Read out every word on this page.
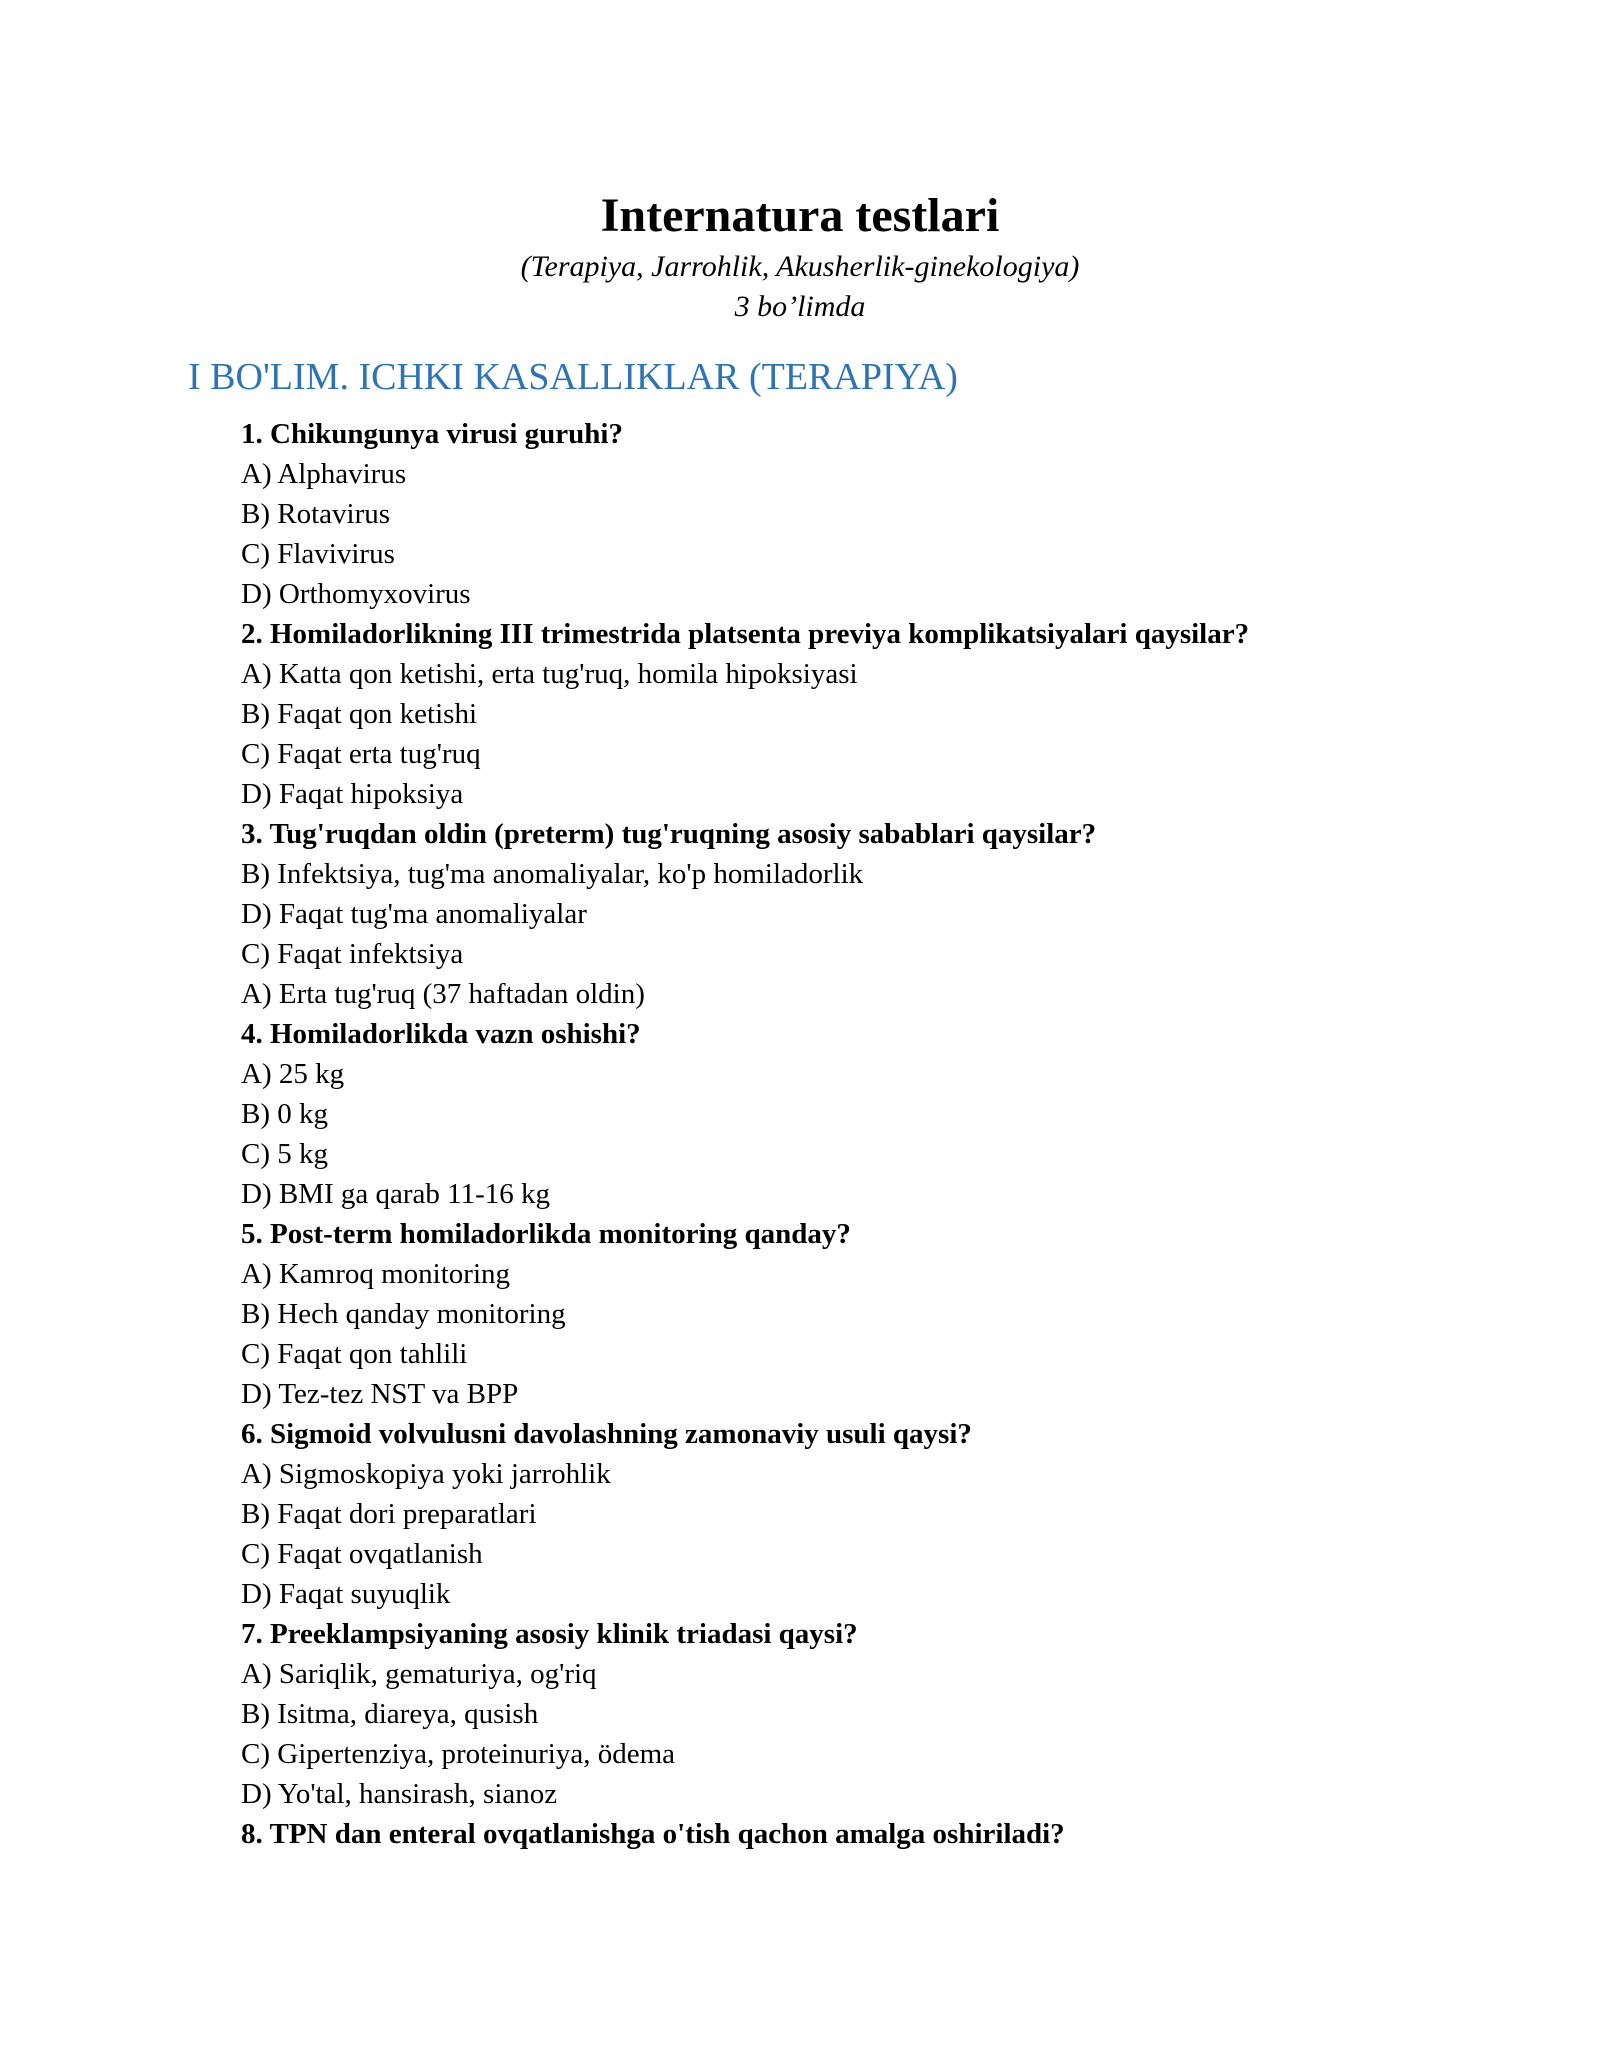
Internatura testlari
(Terapiya, Jarrohlik, Akusherlik-ginekologiya)
3 bo’limda
I BO'LIM. ICHKI KASALLIKLAR (TERAPIYA)
1. Chikungunya virusi guruhi?
A) Alphavirus
B) Rotavirus
C) Flavivirus
D) Orthomyxovirus
2. Homiladorlikning III trimestrida platsenta previya komplikatsiyalari qaysilar?
A) Katta qon ketishi, erta tug'ruq, homila hipoksiyasi
B) Faqat qon ketishi
C) Faqat erta tug'ruq
D) Faqat hipoksiya
3. Tug'ruqdan oldin (preterm) tug'ruqning asosiy sabablari qaysilar?
B) Infektsiya, tug'ma anomaliyalar, ko'p homiladorlik
D) Faqat tug'ma anomaliyalar
C) Faqat infektsiya
A) Erta tug'ruq (37 haftadan oldin)
4. Homiladorlikda vazn oshishi?
A) 25 kg
B) 0 kg
C) 5 kg
D) BMI ga qarab 11-16 kg
5. Post-term homiladorlikda monitoring qanday?
A) Kamroq monitoring
B) Hech qanday monitoring
C) Faqat qon tahlili
D) Tez-tez NST va BPP
6. Sigmoid volvulusni davolashning zamonaviy usuli qaysi?
A) Sigmoskopiya yoki jarrohlik
B) Faqat dori preparatlari
C) Faqat ovqatlanish
D) Faqat suyuqlik
7. Preeklampsiyaning asosiy klinik triadasi qaysi?
A) Sariqlik, gematuriya, og'riq
B) Isitma, diareya, qusish
C) Gipertenziya, proteinuriya, ödema
D) Yo'tal, hansirash, sianoz
8. TPN dan enteral ovqatlanishga o'tish qachon amalga oshiriladi?
